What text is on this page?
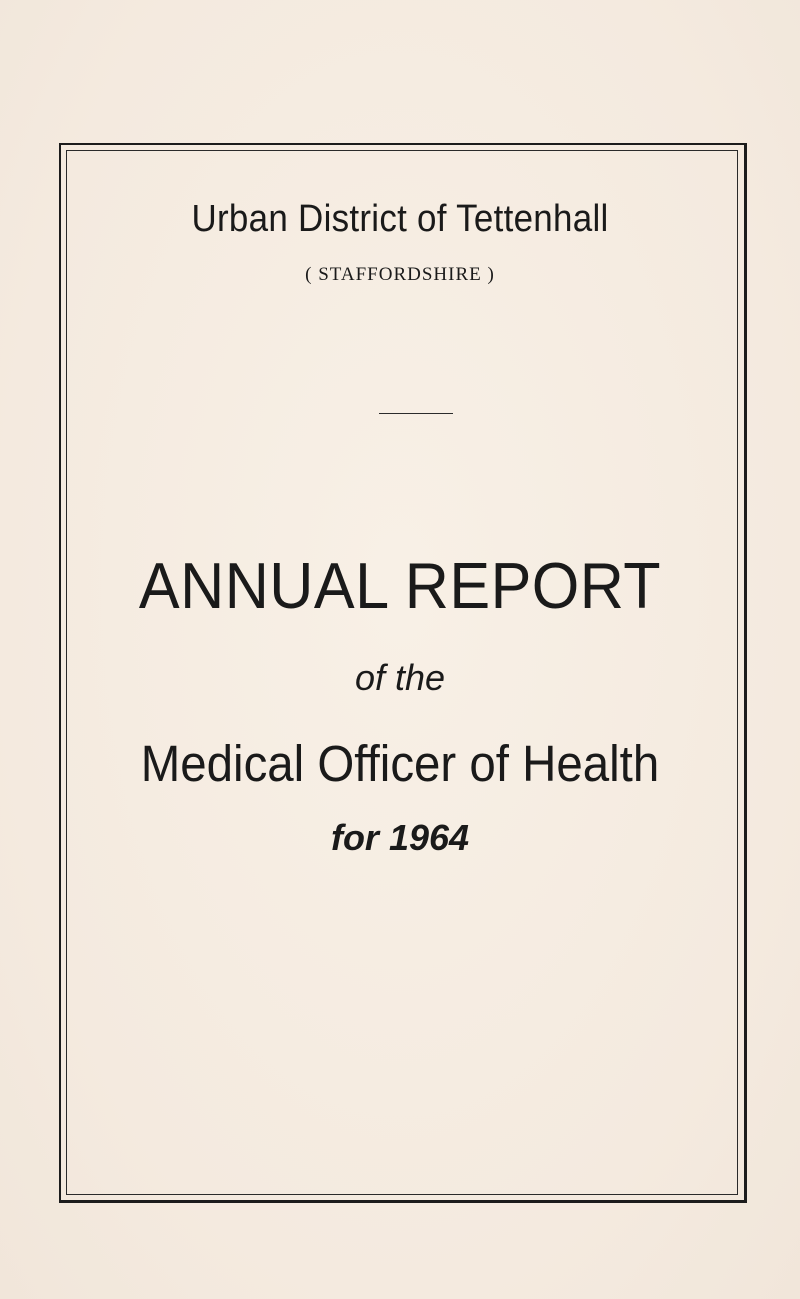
Urban District of Tettenhall
( STAFFORDSHIRE )
ANNUAL REPORT
of the
Medical Officer of Health
for 1964
